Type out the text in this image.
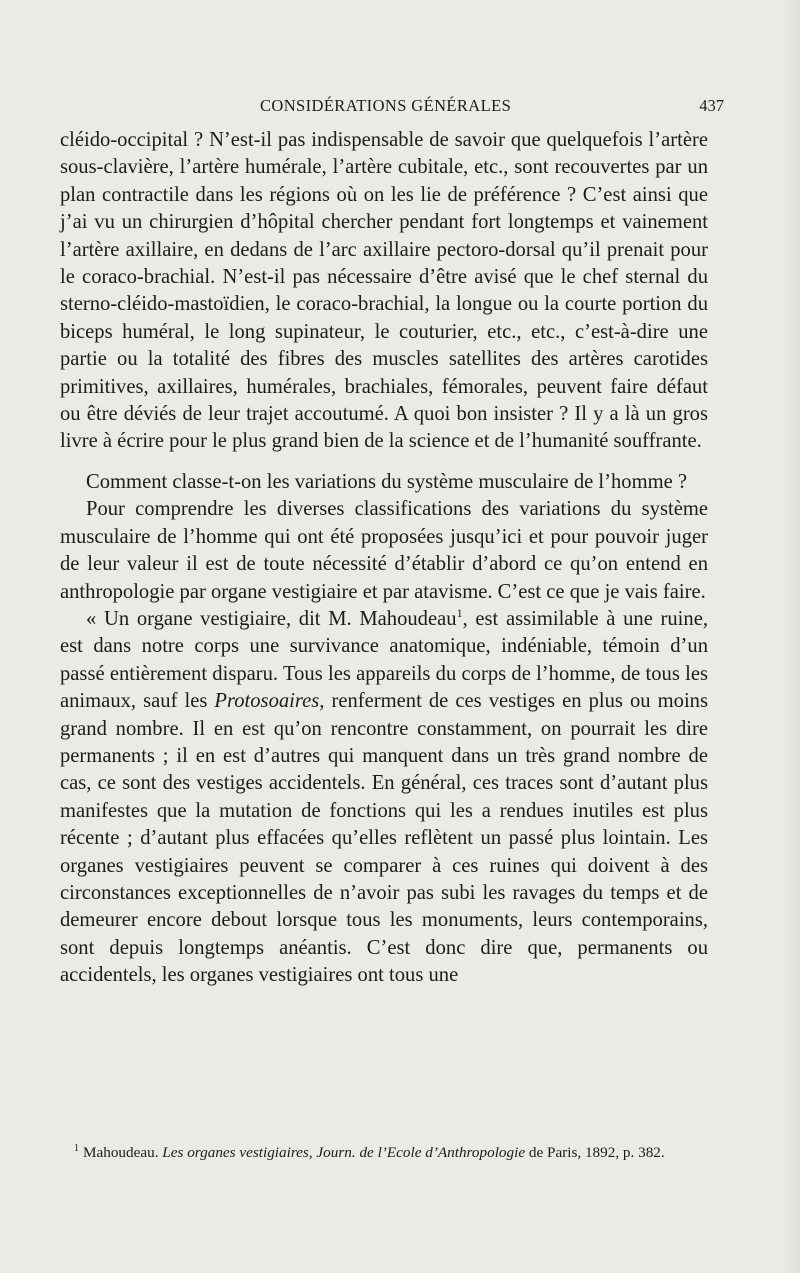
CONSIDÉRATIONS GÉNÉRALES	437

cléido-occipital ? N’est-il pas indispensable de savoir que quelquefois l’artère sous-clavière, l’artère humérale, l’artère cubitale, etc., sont recouvertes par un plan contractile dans les régions où on les lie de préférence ? C’est ainsi que j’ai vu un chirurgien d’hôpital chercher pendant fort longtemps et vainement l’artère axillaire, en dedans de l’arc axillaire pectoro-dorsal qu’il prenait pour le coraco-brachial. N’est-il pas nécessaire d’être avisé que le chef sternal du sterno-cléido-mastoïdien, le coraco-brachial, la longue ou la courte portion du biceps huméral, le long supinateur, le couturier, etc., etc., c’est-à-dire une partie ou la totalité des fibres des muscles satellites des artères carotides primitives, axillaires, humérales, brachiales, fémorales, peuvent faire défaut ou être déviés de leur trajet accoutumé. A quoi bon insister ? Il y a là un gros livre à écrire pour le plus grand bien de la science et de l’humanité souffrante.

Comment classe-t-on les variations du système musculaire de l’homme ?

Pour comprendre les diverses classifications des variations du système musculaire de l’homme qui ont été proposées jusqu’ici et pour pouvoir juger de leur valeur il est de toute nécessité d’établir d’abord ce qu’on entend en anthropologie par organe vestigiaire et par atavisme. C’est ce que je vais faire.

« Un organe vestigiaire, dit M. Mahoudeau$^1$, est assimilable à une ruine, est dans notre corps une survivance anatomique, indéniable, témoin d’un passé entièrement disparu. Tous les appareils du corps de l’homme, de tous les animaux, sauf les Protosoaires, renferment de ces vestiges en plus ou moins grand nombre. Il en est qu’on rencontre constamment, on pourrait les dire permanents ; il en est d’autres qui manquent dans un très grand nombre de cas, ce sont des vestiges accidentels. En général, ces traces sont d’autant plus manifestes que la mutation de fonctions qui les a rendues inutiles est plus récente ; d’autant plus effacées qu’elles reflètent un passé plus lointain. Les organes vestigiaires peuvent se comparer à ces ruines qui doivent à des circonstances exceptionnelles de n’avoir pas subi les ravages du temps et de demeurer encore debout lorsque tous les monuments, leurs contemporains, sont depuis longtemps anéantis. C’est donc dire que, permanents ou accidentels, les organes vestigiaires ont tous une

$^1$ Mahoudeau. Les organes vestigiaires, Journ. de l’Ecole d’Anthropologie de Paris, 1892, p. 382.
